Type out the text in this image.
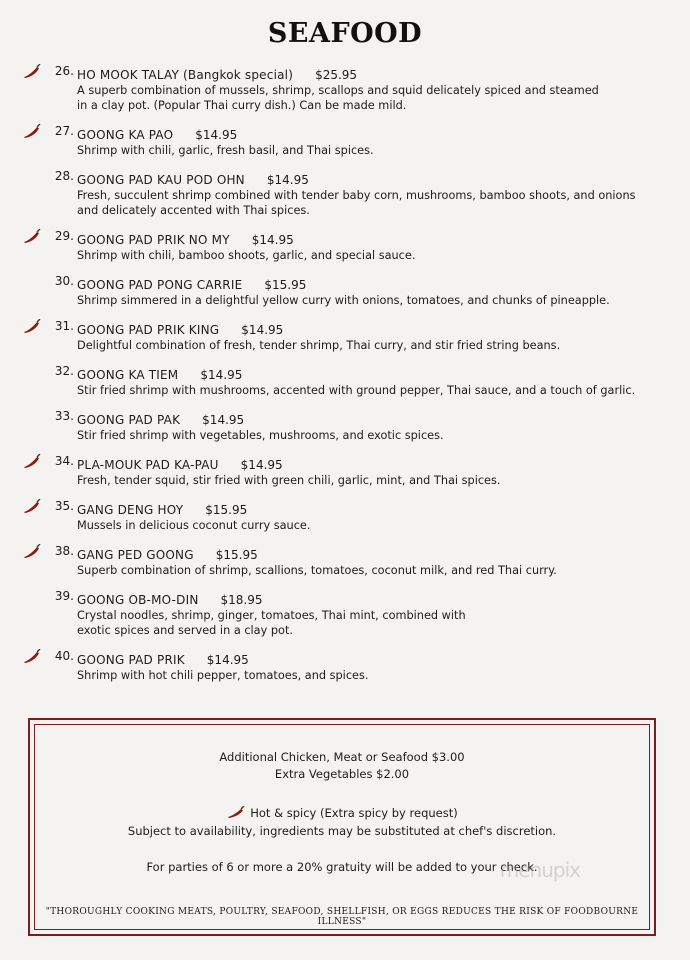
SEAFOOD
26. HO MOOK TALAY (Bangkok special) $25.95
A superb combination of mussels, shrimp, scallops and squid delicately spiced and steamed
in a clay pot. (Popular Thai curry dish.) Can be made mild.
27. GOONG KA PAO $14.95
Shrimp with chili, garlic, fresh basil, and Thai spices.
28. GOONG PAD KAU POD OHN $14.95
Fresh, succulent shrimp combined with tender baby corn, mushrooms, bamboo shoots, and onions
and delicately accented with Thai spices.
29. GOONG PAD PRIK NO MY $14.95
Shrimp with chili, bamboo shoots, garlic, and special sauce.
30. GOONG PAD PONG CARRIE $15.95
Shrimp simmered in a delightful yellow curry with onions, tomatoes, and chunks of pineapple.
31. GOONG PAD PRIK KING $14.95
Delightful combination of fresh, tender shrimp, Thai curry, and stir fried string beans.
32. GOONG KA TIEM $14.95
Stir fried shrimp with mushrooms, accented with ground pepper, Thai sauce, and a touch of garlic.
33. GOONG PAD PAK $14.95
Stir fried shrimp with vegetables, mushrooms, and exotic spices.
34. PLA-MOUK PAD KA-PAU $14.95
Fresh, tender squid, stir fried with green chili, garlic, mint, and Thai spices.
35. GANG DENG HOY $15.95
Mussels in delicious coconut curry sauce.
38. GANG PED GOONG $15.95
Superb combination of shrimp, scallions, tomatoes, coconut milk, and red Thai curry.
39. GOONG OB-MO-DIN $18.95
Crystal noodles, shrimp, ginger, tomatoes, Thai mint, combined with
exotic spices and served in a clay pot.
40. GOONG PAD PRIK $14.95
Shrimp with hot chili pepper, tomatoes, and spices.
Additional Chicken, Meat or Seafood $3.00
Extra Vegetables $2.00
Hot & spicy (Extra spicy by request)
Subject to availability, ingredients may be substituted at chef's discretion.
For parties of 6 or more a 20% gratuity will be added to your check.
"THOROUGHLY COOKING MEATS, POULTRY, SEAFOOD, SHELLFISH, OR EGGS REDUCES THE RISK OF FOODBOURNE ILLNESS"
menupix
